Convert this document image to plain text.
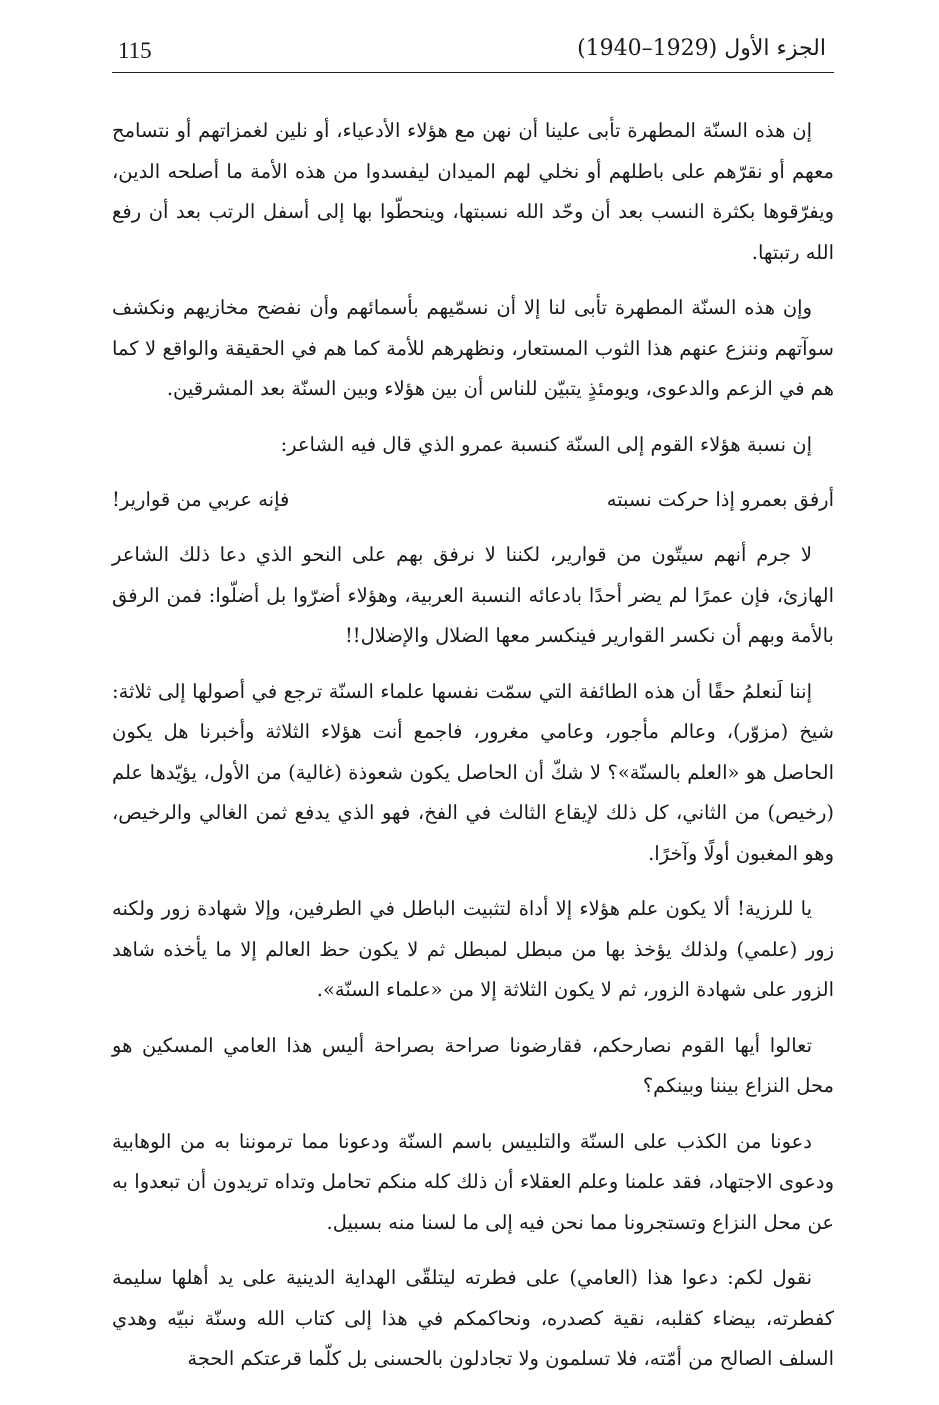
115	الجزء الأول (1929–1940)

إن هذه السنّة المطهرة تأبى علينا أن نهن مع هؤلاء الأدعياء، أو نلين لغمزاتهم أو نتسامح معهم أو نقرّهم على باطلهم أو نخلي لهم الميدان ليفسدوا من هذه الأمة ما أصلحه الدين، ويفرّقوها بكثرة النسب بعد أن وحّد الله نسبتها، وينحطّوا بها إلى أسفل الرتب بعد أن رفع الله رتبتها.

وإن هذه السنّة المطهرة تأبى لنا إلا أن نسمّيهم بأسمائهم وأن نفضح مخازيهم ونكشف سوآتهم وننزع عنهم هذا الثوب المستعار، ونظهرهم للأمة كما هم في الحقيقة والواقع لا كما هم في الزعم والدعوى، ويومئذٍ يتبيّن للناس أن بين هؤلاء وبين السنّة بعد المشرقين.

إن نسبة هؤلاء القوم إلى السنّة كنسبة عمرو الذي قال فيه الشاعر:

أرفق بعمرو إذا حركت نسبته
فإنه عربي من قوارير!

لا جرم أنهم سيتّون من قوارير، لكننا لا نرفق بهم على النحو الذي دعا ذلك الشاعر الهازئ، فإن عمرًا لم يضر أحدًا بادعائه النسبة العربية، وهؤلاء أضرّوا بل أضلّوا: فمن الرفق بالأمة وبهم أن نكسر القوارير فينكسر معها الضلال والإضلال!!

إننا لَنعلمُ حقًا أن هذه الطائفة التي سمّت نفسها علماء السنّة ترجع في أصولها إلى ثلاثة: شيخ (مزوّر)، وعالم مأجور، وعامي مغرور، فاجمع أنت هؤلاء الثلاثة وأخبرنا هل يكون الحاصل هو «العلم بالسنّة»؟ لا شكّ أن الحاصل يكون شعوذة (غالية) من الأول، يؤيّدها علم (رخيص) من الثاني، كل ذلك لإيقاع الثالث في الفخ، فهو الذي يدفع ثمن الغالي والرخيص، وهو المغبون أولًا وآخرًا.

يا للرزية! ألا يكون علم هؤلاء إلا أداة لتثبيت الباطل في الطرفين، وإلا شهادة زور ولكنه زور (علمي) ولذلك يؤخذ بها من مبطل لمبطل ثم لا يكون حظ العالم إلا ما يأخذه شاهد الزور على شهادة الزور، ثم لا يكون الثلاثة إلا من «علماء السنّة».

تعالوا أيها القوم نصارحكم، فقارضونا صراحة بصراحة أليس هذا العامي المسكين هو محل النزاع بيننا وبينكم؟

دعونا من الكذب على السنّة والتلبيس باسم السنّة ودعونا مما ترموننا به من الوهابية ودعوى الاجتهاد، فقد علمنا وعلم العقلاء أن ذلك كله منكم تحامل وتداه تريدون أن تبعدوا به عن محل النزاع وتستجرونا مما نحن فيه إلى ما لسنا منه بسبيل.

نقول لكم: دعوا هذا (العامي) على فطرته ليتلقّى الهداية الدينية على يد أهلها سليمة كفطرته، بيضاء كقلبه، نقية كصدره، ونحاكمكم في هذا إلى كتاب الله وسنّة نبيّه وهدي السلف الصالح من أمّته، فلا تسلمون ولا تجادلون بالحسنى بل كلّما قرعتكم الحجة
